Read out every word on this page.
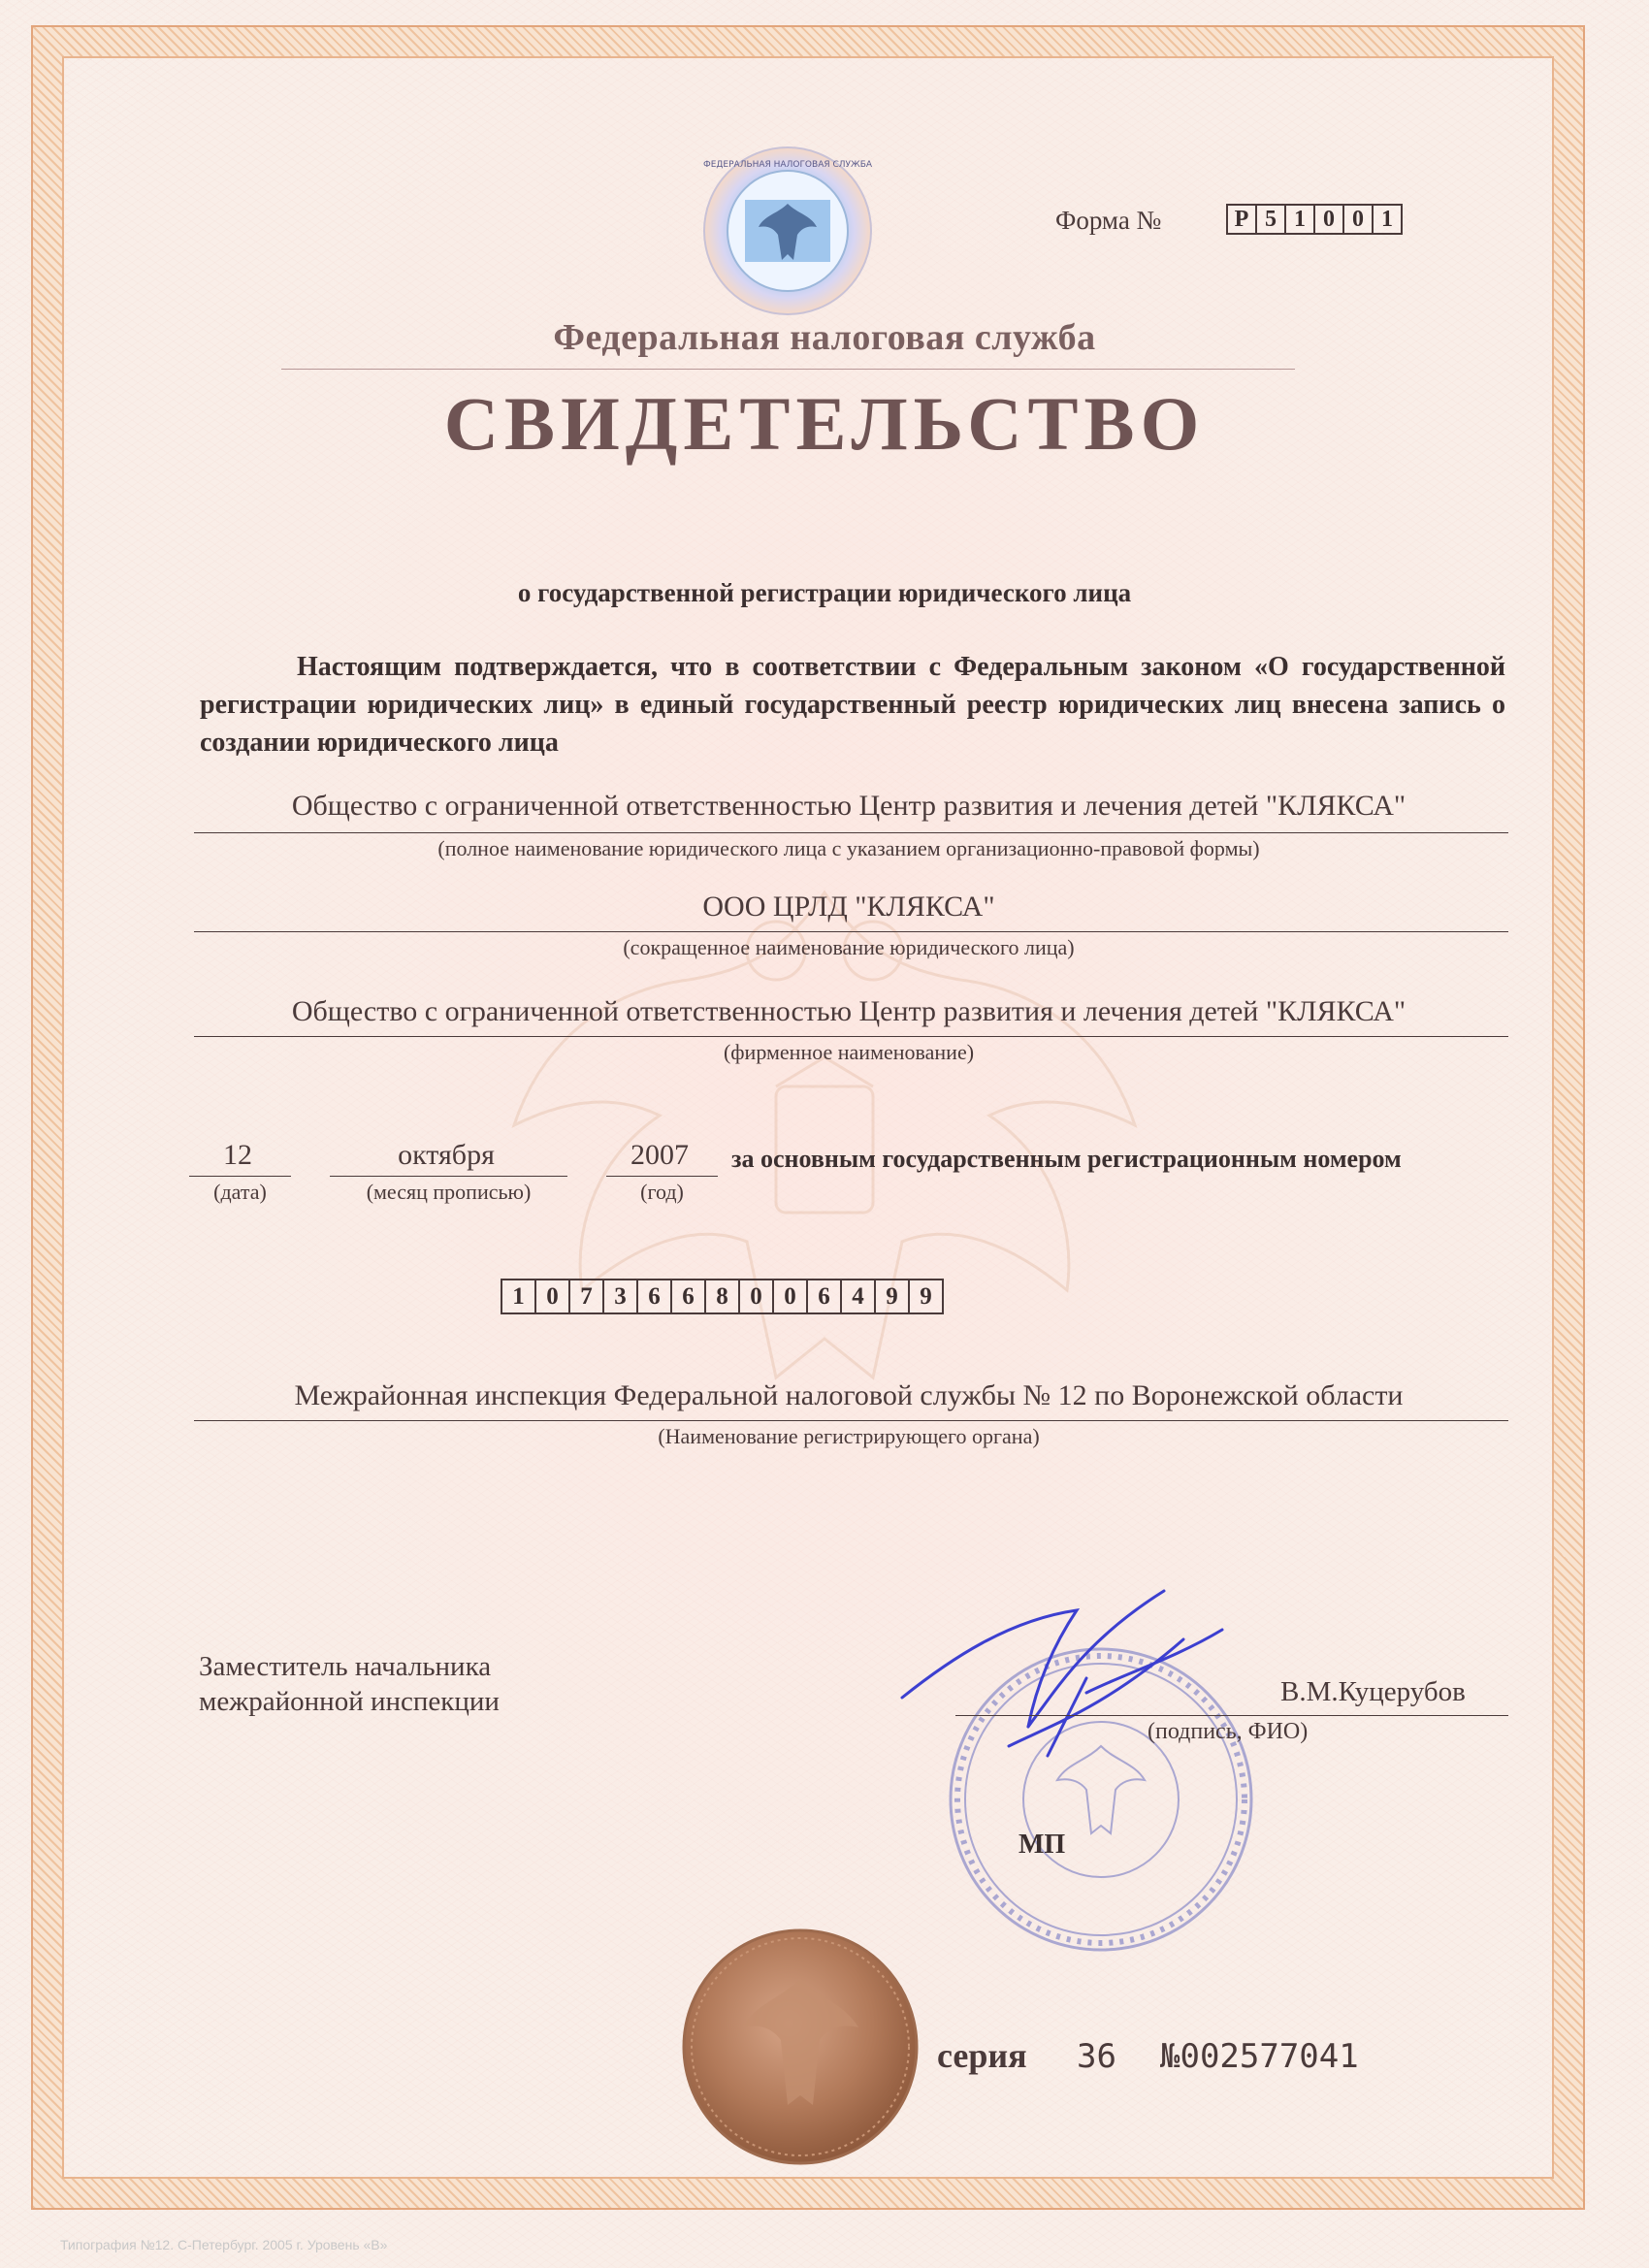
ФЕДЕРАЛЬНАЯ НАЛОГОВАЯ СЛУЖБА
Форма №	Р 5 1 0 0 1
Федеральная налоговая служба
СВИДЕТЕЛЬСТВО
о государственной регистрации юридического лица
Настоящим подтверждается, что в соответствии с Федеральным законом «О государственной регистрации юридических лиц» в единый государственный реестр юридических лиц внесена запись о создании юридического лица
Общество с ограниченной ответственностью Центр развития и лечения детей "КЛЯКСА"
(полное наименование юридического лица с указанием организационно-правовой формы)
ООО ЦРЛД "КЛЯКСА"
(сокращенное наименование юридического лица)
Общество с ограниченной ответственностью Центр развития и лечения детей "КЛЯКСА"
(фирменное наименование)
12
(дата)
октября
(месяц прописью)
2007
(год)
за основным государственным регистрационным номером
1 0 7 3 6 6 8 0 0 6 4 9 9
Межрайонная инспекция Федеральной налоговой службы № 12 по Воронежской области
(Наименование регистрирующего органа)
Заместитель начальника
межрайонной инспекции	В.М.Куцерубов
(подпись, ФИО)
МП
серия 36 №002577041
Типография №12. С-Петербург. 2005 г. Уровень «В»
